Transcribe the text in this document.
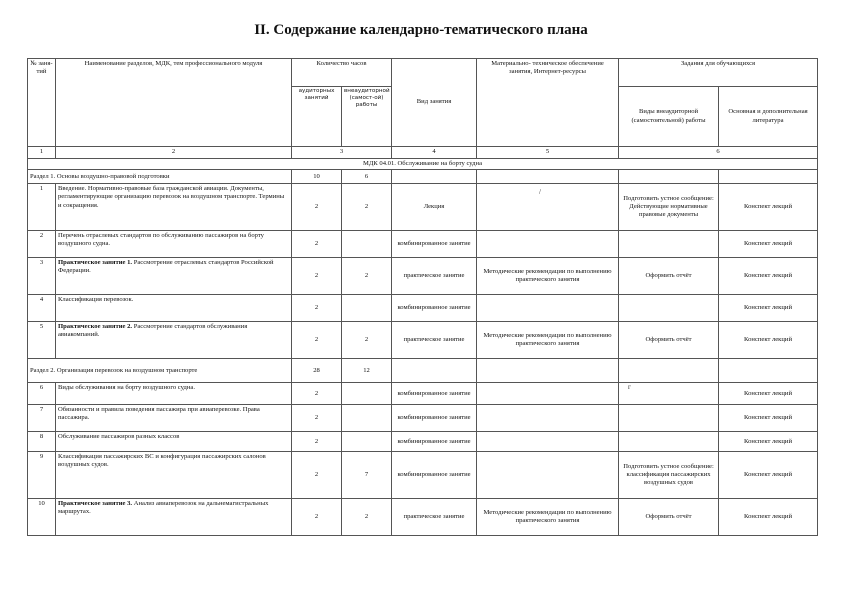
II. Содержание календарно-тематического плана
№ заня- тий	Наименование разделов, МДК, тем профессионального модуля	Количество часов		Вид занятия	Материально- техническое обеспечение занятия, Интернет-ресурсы	Задания для обучающихся	
		аудиторных занятий	внеаудиторной (самост-ой) работы			Виды внеаудиторной (самостоятельной) работы	Основная и дополнительная литература
1	2	3		4	5	6	
МДК 04.01. Обслуживание на борту судна							
Раздел 1. Основы воздушно-правовой подготовки		10	6				
1	Введение. Нормативно-правовые база гражданской авиации. Документы, регламентирующие организацию перевозок на воздушном транспорте. Термины и сокращения.	2	2	Лекция		Подготовить устное сообщение: Действующие нормативные правовые документы	Конспект лекций
2	Перечень отраслевых стандартов по обслуживанию пассажиров на борту воздушного судна.	2		комбинированное занятие			Конспект лекций
3	Практическое занятие 1. Рассмотрение отраслевых стандартов Российской Федерации.	2	2	практическое занятие	Методические рекомендации по выполнению практического занятия	Оформить отчёт	Конспект лекций
4	Классификация перевозок.	2		комбинированное занятие			Конспект лекций
5	Практическое занятие 2. Рассмотрение стандартов обслуживания авиакомпаний.	2	2	практическое занятие	Методические рекомендации по выполнению практического занятия	Оформить отчёт	Конспект лекций
Раздел 2. Организация перевозок на воздушном транспорте		28	12				
6	Виды обслуживания на борту воздушного судна.	2		комбинированное занятие			Конспект лекций
7	Обязанности и правила поведения пассажира при авиаперевозке. Права пассажира.	2		комбинированное занятие			Конспект лекций
8	Обслуживание пассажиров разных классов	2		комбинированное занятие			Конспект лекций
9	Классификация пассажирских ВС и конфигурация пассажирских салонов воздушных судов.	2	7	комбинированное занятие		Подготовить устное сообщение: классификация пассажирских воздушных судов	Конспект лекций
10	Практическое занятие 3. Анализ авиаперевозок на дальнемагистральных маршрутах.	2	2	практическое занятие	Методические рекомендации по выполнению практического занятия	Оформить отчёт	Конспект лекций
/
г
